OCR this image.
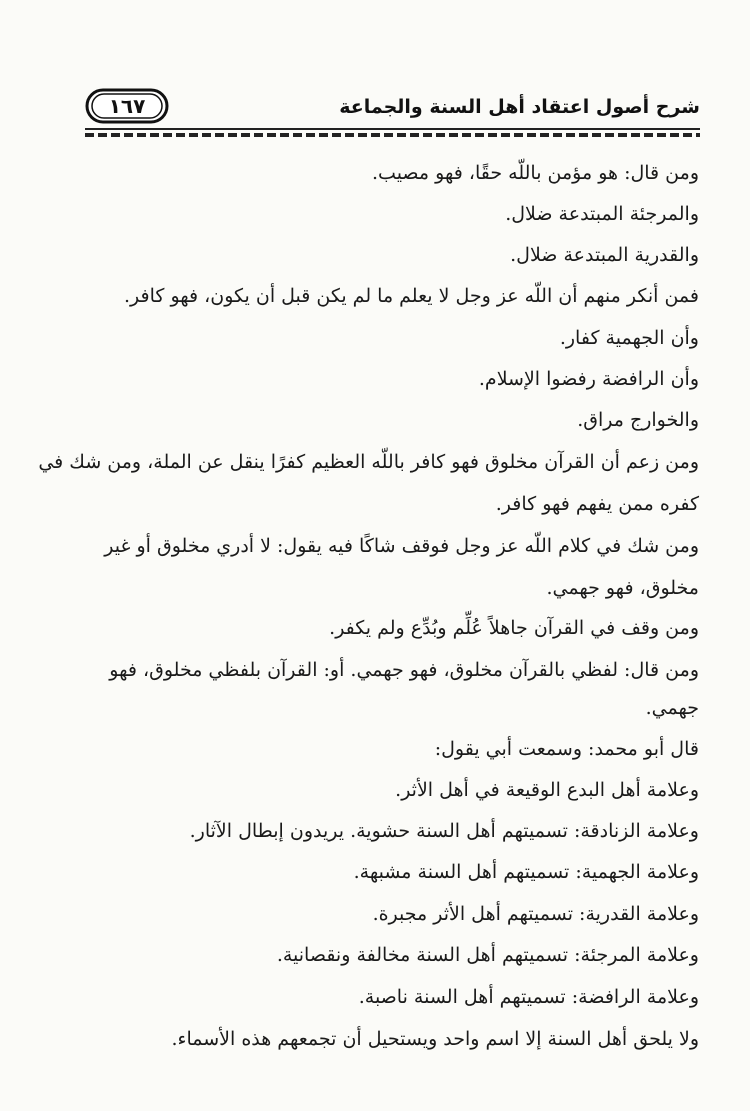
١٦٧	شرح أصول اعتقاد أهل السنة والجماعة
ومن قال: هو مؤمن باللّه حقًا، فهو مصيب.
والمرجئة المبتدعة ضلال.
والقدرية المبتدعة ضلال.
فمن أنكر منهم أن اللّه عز وجل لا يعلم ما لم يكن قبل أن يكون، فهو كافر.
وأن الجهمية كفار.
وأن الرافضة رفضوا الإسلام.
والخوارج مراق.
ومن زعم أن القرآن مخلوق فهو كافر باللّه العظيم كفرًا ينقل عن الملة، ومن شك في
كفره ممن يفهم فهو كافر.
ومن شك في كلام اللّه عز وجل فوقف شاكًا فيه يقول: لا أدري مخلوق أو غير
مخلوق، فهو جهمي.
ومن وقف في القرآن جاهلاً عُلِّم وبُدِّع ولم يكفر.
ومن قال: لفظي بالقرآن مخلوق، فهو جهمي. أو: القرآن بلفظي مخلوق، فهو
جهمي.
قال أبو محمد: وسمعت أبي يقول:
وعلامة أهل البدع الوقيعة في أهل الأثر.
وعلامة الزنادقة: تسميتهم أهل السنة حشوية. يريدون إبطال الآثار.
وعلامة الجهمية: تسميتهم أهل السنة مشبهة.
وعلامة القدرية: تسميتهم أهل الأثر مجبرة.
وعلامة المرجئة: تسميتهم أهل السنة مخالفة ونقصانية.
وعلامة الرافضة: تسميتهم أهل السنة ناصبة.
ولا يلحق أهل السنة إلا اسم واحد ويستحيل أن تجمعهم هذه الأسماء.
